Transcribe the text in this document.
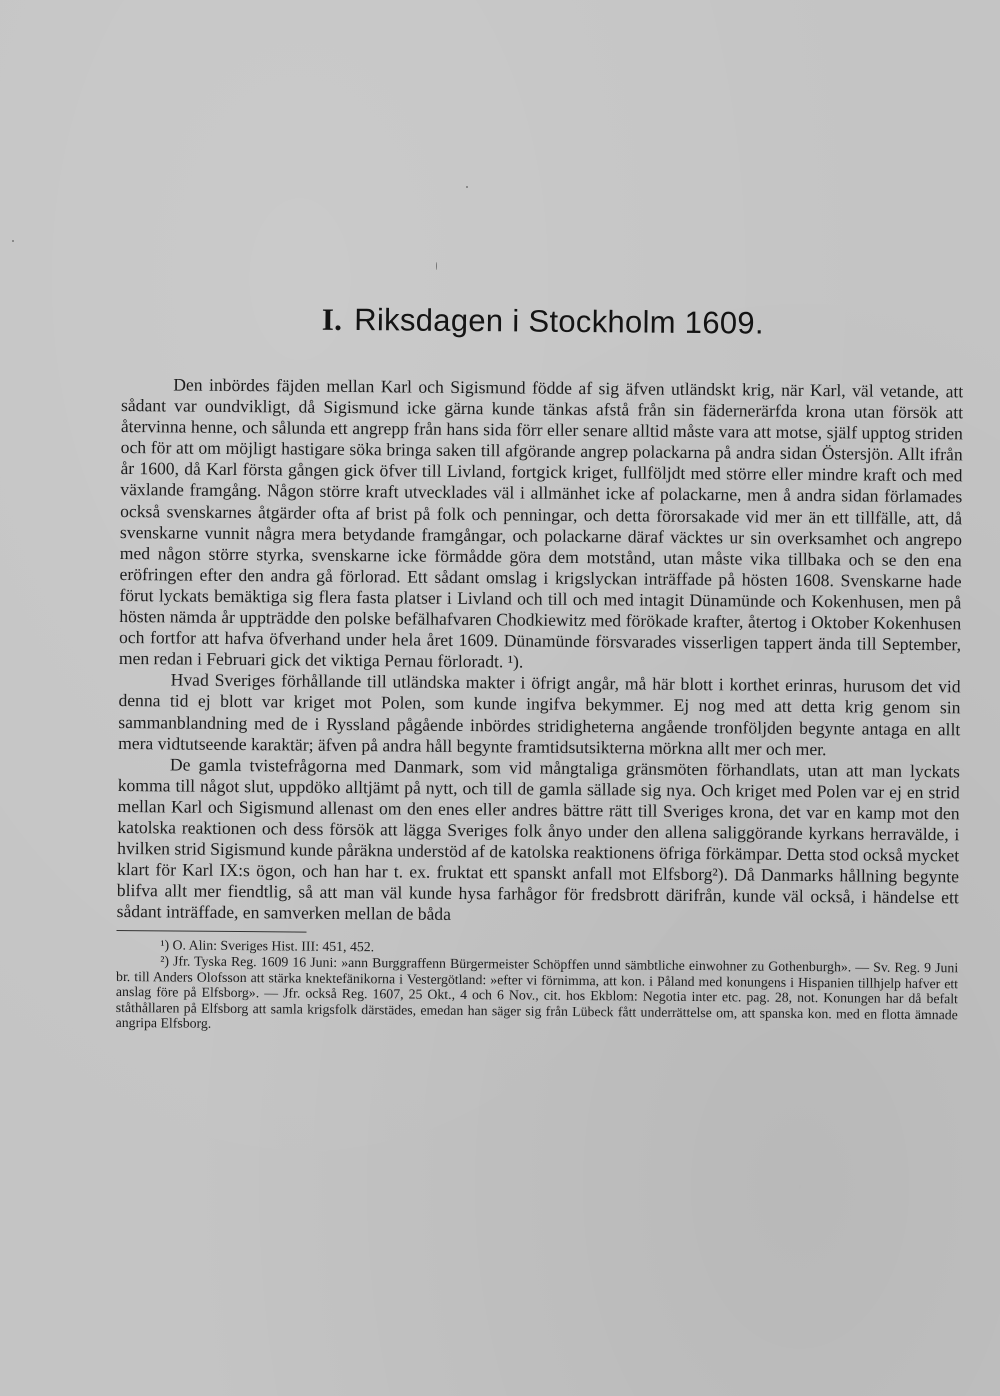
I. Riksdagen i Stockholm 1609.

Den inbördes fäjden mellan Karl och Sigismund födde af sig äfven utländskt krig, när Karl, väl vetande, att sådant var oundvikligt, då Sigismund icke gärna kunde tänkas afstå från sin fädernerärfda krona utan försök att återvinna henne, och sålunda ett angrepp från hans sida förr eller senare alltid måste vara att motse, själf upptog striden och för att om möjligt hastigare söka bringa saken till afgörande angrep polackarna på andra sidan Östersjön. Allt ifrån år 1600, då Karl första gången gick öfver till Livland, fortgick kriget, fullföljdt med större eller mindre kraft och med växlande framgång. Någon större kraft utvecklades väl i allmänhet icke af polackarne, men å andra sidan förlamades också svenskarnes åtgärder ofta af brist på folk och penningar, och detta förorsakade vid mer än ett tillfälle, att, då svenskarne vunnit några mera betydande framgångar, och polackarne däraf väcktes ur sin overksamhet och angrepo med någon större styrka, svenskarne icke förmådde göra dem motstånd, utan måste vika tillbaka och se den ena eröfringen efter den andra gå förlorad. Ett sådant omslag i krigslyckan inträffade på hösten 1608. Svenskarne hade förut lyckats bemäktiga sig flera fasta platser i Livland och till och med intagit Dünamünde och Kokenhusen, men på hösten nämda år uppträdde den polske befälhafvaren Chodkiewitz med förökade krafter, återtog i Oktober Kokenhusen och fortfor att hafva öfverhand under hela året 1609. Dünamünde försvarades visserligen tappert ända till September, men redan i Februari gick det viktiga Pernau förloradt. ¹).

Hvad Sveriges förhållande till utländska makter i öfrigt angår, må här blott i korthet erinras, hurusom det vid denna tid ej blott var kriget mot Polen, som kunde ingifva bekymmer. Ej nog med att detta krig genom sin sammanblandning med de i Ryssland pågående inbördes stridigheterna angående tronföljden begynte antaga en allt mera vidtutseende karaktär; äfven på andra håll begynte framtidsutsikterna mörkna allt mer och mer.

De gamla tvistefrågorna med Danmark, som vid mångtaliga gränsmöten förhandlats, utan att man lyckats komma till något slut, uppdöko alltjämt på nytt, och till de gamla sällade sig nya. Och kriget med Polen var ej en strid mellan Karl och Sigismund allenast om den enes eller andres bättre rätt till Sveriges krona, det var en kamp mot den katolska reaktionen och dess försök att lägga Sveriges folk ånyo under den allena saliggörande kyrkans herravälde, i hvilken strid Sigismund kunde påräkna understöd af de katolska reaktionens öfriga förkämpar. Detta stod också mycket klart för Karl IX:s ögon, och han har t. ex. fruktat ett spanskt anfall mot Elfsborg²). Då Danmarks hållning begynte blifva allt mer fiendtlig, så att man väl kunde hysa farhågor för fredsbrott därifrån, kunde väl också, i händelse ett sådant inträffade, en samverken mellan de båda

¹) O. Alin: Sveriges Hist. III: 451, 452.

²) Jfr. Tyska Reg. 1609 16 Juni: »ann Burggraffenn Bürgermeister Schöpffen unnd sämbtliche einwohner zu Gothenburgh». — Sv. Reg. 9 Juni br. till Anders Olofsson att stärka knektefänikorna i Vestergötland: »efter vi förnimma, att kon. i Påland med konungens i Hispanien tillhjelp hafver ett anslag före på Elfsborg». — Jfr. också Reg. 1607, 25 Okt., 4 och 6 Nov., cit. hos Ekblom: Negotia inter etc. pag. 28, not. Konungen har då befalt ståthållaren på Elfsborg att samla krigsfolk därstädes, emedan han säger sig från Lübeck fått underrättelse om, att spanska kon. med en flotta ämnade angripa Elfsborg.
